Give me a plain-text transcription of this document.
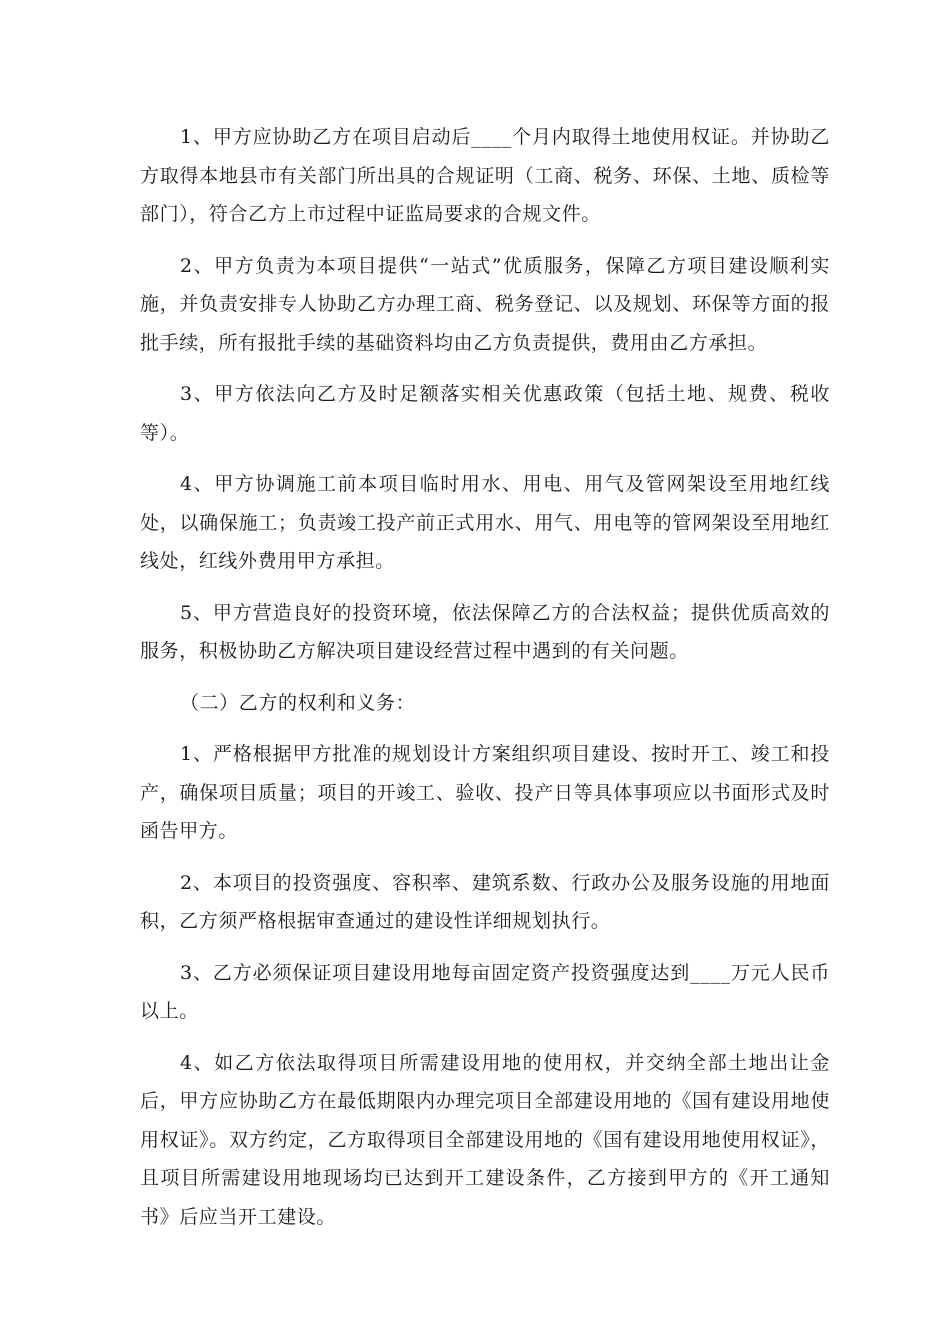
1、甲方应协助乙方在项目启动后____个月内取得土地使用权证。并协助乙方取得本地县市有关部门所出具的合规证明（工商、税务、环保、土地、质检等部门），符合乙方上市过程中证监局要求的合规文件。

2、甲方负责为本项目提供“一站式”优质服务，保障乙方项目建设顺利实施，并负责安排专人协助乙方办理工商、税务登记、以及规划、环保等方面的报批手续，所有报批手续的基础资料均由乙方负责提供，费用由乙方承担。

3、甲方依法向乙方及时足额落实相关优惠政策（包括土地、规费、税收等）。

4、甲方协调施工前本项目临时用水、用电、用气及管网架设至用地红线处，以确保施工；负责竣工投产前正式用水、用气、用电等的管网架设至用地红线处，红线外费用甲方承担。

5、甲方营造良好的投资环境，依法保障乙方的合法权益；提供优质高效的服务，积极协助乙方解决项目建设经营过程中遇到的有关问题。

（二）乙方的权利和义务：

1、严格根据甲方批准的规划设计方案组织项目建设、按时开工、竣工和投产，确保项目质量；项目的开竣工、验收、投产日等具体事项应以书面形式及时函告甲方。

2、本项目的投资强度、容积率、建筑系数、行政办公及服务设施的用地面积，乙方须严格根据审查通过的建设性详细规划执行。

3、乙方必须保证项目建设用地每亩固定资产投资强度达到____万元人民币以上。

4、如乙方依法取得项目所需建设用地的使用权，并交纳全部土地出让金后，甲方应协助乙方在最低期限内办理完项目全部建设用地的《国有建设用地使用权证》。双方约定，乙方取得项目全部建设用地的《国有建设用地使用权证》，且项目所需建设用地现场均已达到开工建设条件，乙方接到甲方的《开工通知书》后应当开工建设。
